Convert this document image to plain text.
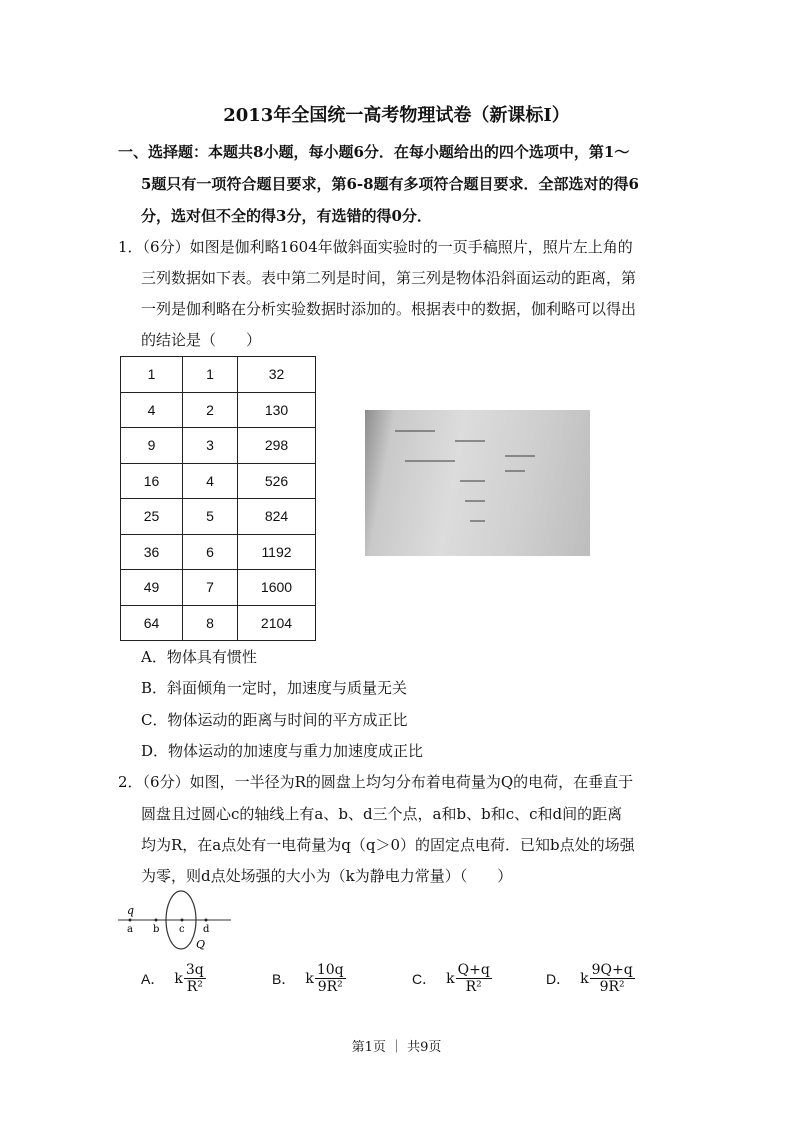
2013年全国统一高考物理试卷（新课标Ⅰ）
一、选择题：本题共8小题，每小题6分．在每小题给出的四个选项中，第1～
5题只有一项符合题目要求，第6-8题有多项符合题目要求．全部选对的得6
分，选对但不全的得3分，有选错的得0分．
1．（6分）如图是伽利略1604年做斜面实验时的一页手稿照片，照片左上角的
三列数据如下表。表中第二列是时间，第三列是物体沿斜面运动的距离，第
一列是伽利略在分析实验数据时添加的。根据表中的数据，伽利略可以得出
的结论是（　　）
1	1	32
4	2	130
9	3	298
16	4	526
25	5	824
36	6	1192
49	7	1600
64	8	2104
A．物体具有惯性
B．斜面倾角一定时，加速度与质量无关
C．物体运动的距离与时间的平方成正比
D．物体运动的加速度与重力加速度成正比
2．（6分）如图，一半径为R的圆盘上均匀分布着电荷量为Q的电荷，在垂直于
圆盘且过圆心c的轴线上有a、b、d三个点，a和b、b和c、c和d间的距离
均为R，在a点处有一电荷量为q（q＞0）的固定点电荷．已知b点处的场强
为零，则d点处场强的大小为（k为静电力常量）（　　）
q
a b c d
Q
A． k $\frac{3q}{\text{R²}}$	B． k $\frac{10q}{\text{9R²}}$	C． k $\frac{Q+q}{\text{R²}}$	D． k $\frac{9Q+q}{\text{9R²}}$
第1页 ｜ 共9页
